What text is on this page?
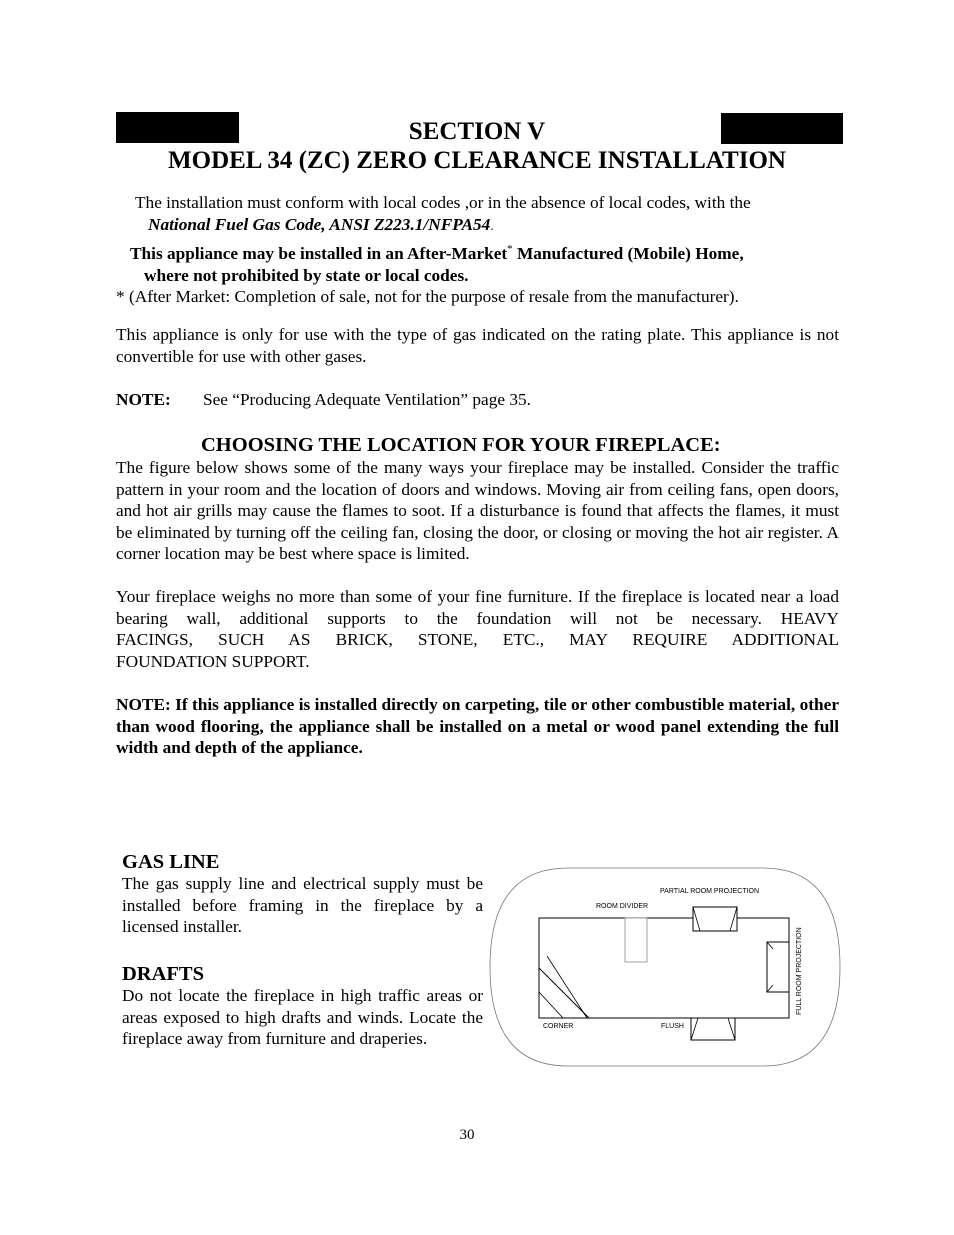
SECTION V
MODEL 34 (ZC) ZERO CLEARANCE INSTALLATION

The installation must conform with local codes ,or in the absence of local codes, with the

National Fuel Gas Code, ANSI Z223.1/NFPA54.

This appliance may be installed in an After-Market* Manufactured (Mobile) Home,

where not prohibited by state or local codes.

* (After Market: Completion of sale, not for the purpose of resale from the manufacturer).

This appliance is only for use with the type of gas indicated on the rating plate. This appliance is not convertible for use with other gases.
NOTE: See “Producing Adequate Ventilation” page 35.
CHOOSING THE LOCATION FOR YOUR FIREPLACE:
The figure below shows some of the many ways your fireplace may be installed. Consider the traffic pattern in your room and the location of doors and windows. Moving air from ceiling fans, open doors, and hot air grills may cause the flames to soot. If a disturbance is found that affects the flames, it must be eliminated by turning off the ceiling fan, closing the door, or closing or moving the hot air register. A corner location may be best where space is limited.

Your fireplace weighs no more than some of your fine furniture. If the fireplace is located near a load bearing wall, additional supports to the foundation will not be necessary. HEAVY

FACINGS, SUCH AS BRICK, STONE, ETC., MAY REQUIRE ADDITIONAL

FOUNDATION SUPPORT.

NOTE: If this appliance is installed directly on carpeting, tile or other combustible material, other than wood flooring, the appliance shall be installed on a metal or wood panel extending the full width and depth of the appliance.
GAS LINE
The gas supply line and electrical supply must be installed before framing in the fireplace by a licensed installer.
DRAFTS
Do not locate the fireplace in high traffic areas or areas exposed to high drafts and winds. Locate the fireplace away from furniture and draperies.
PARTIAL ROOM PROJECTION
ROOM DIVIDER
FULL ROOM PROJECTION
CORNER	FLUSH
30
